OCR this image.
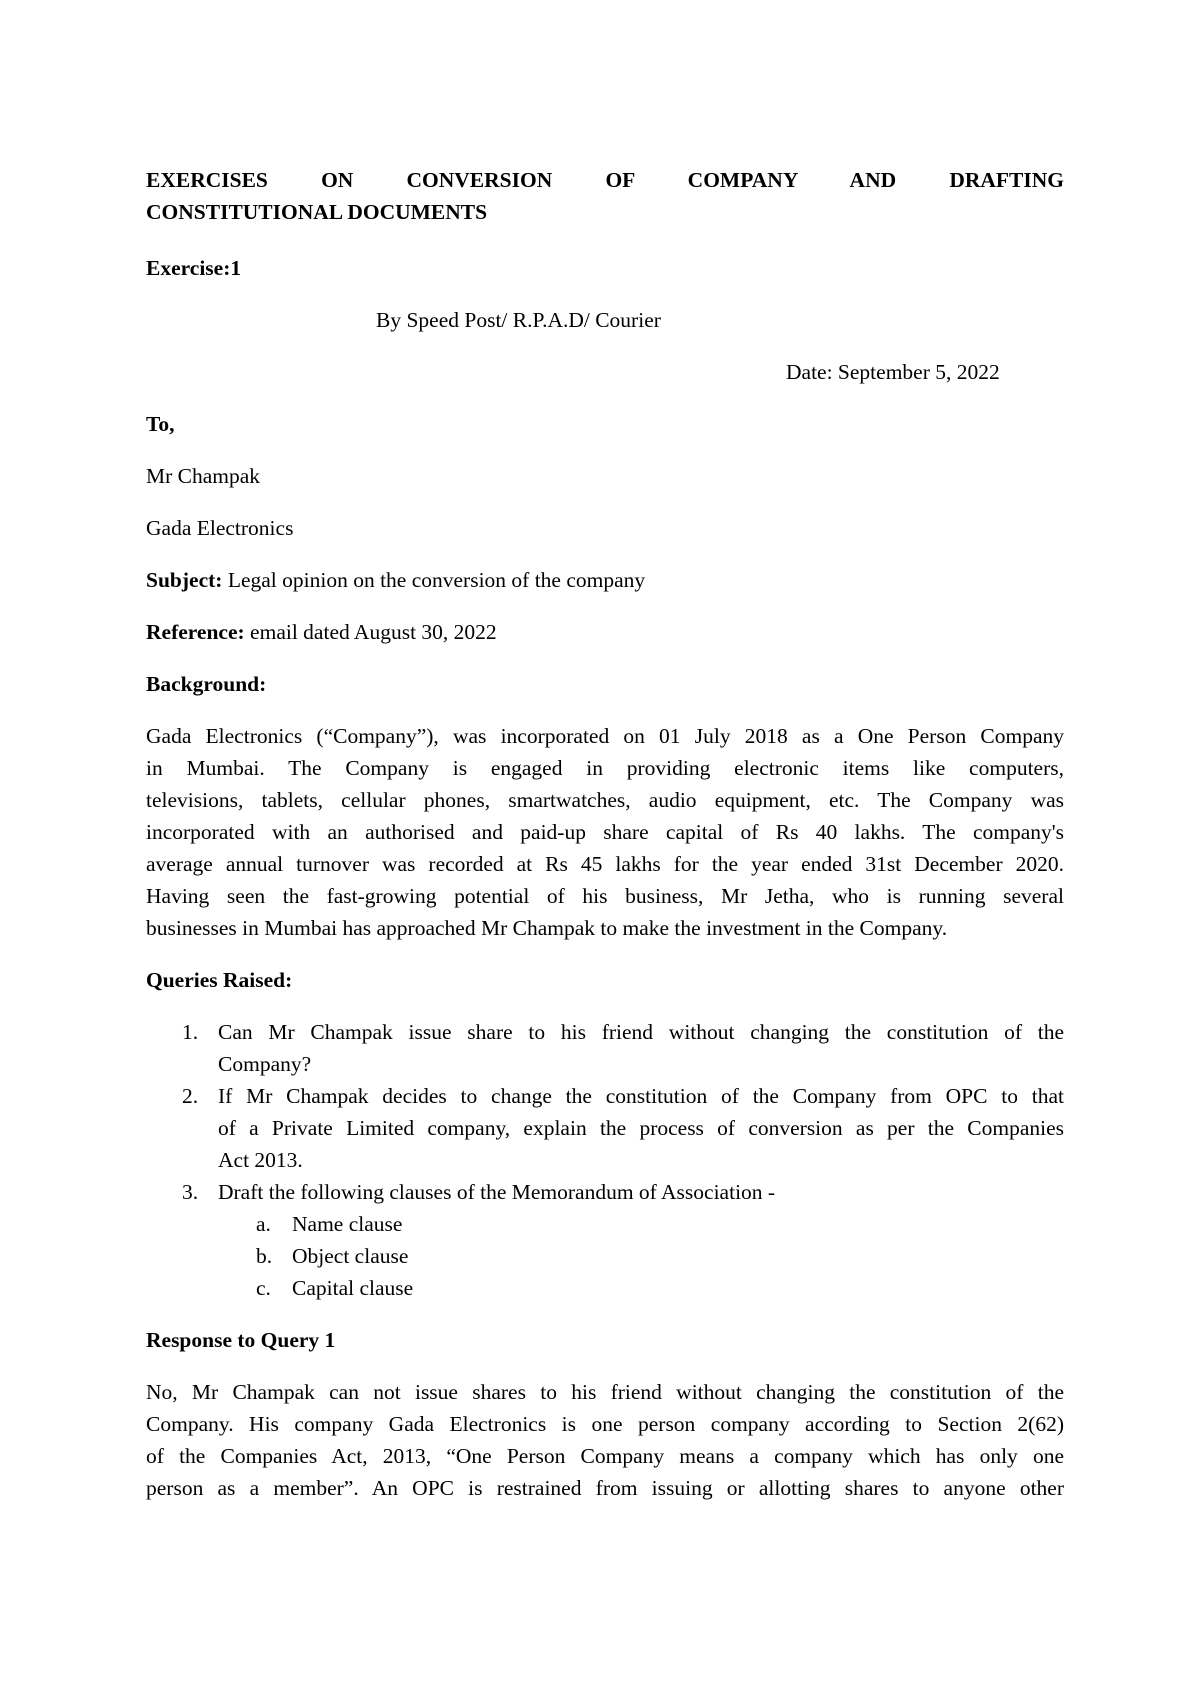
EXERCISES ON CONVERSION OF COMPANY AND DRAFTING
CONSTITUTIONAL DOCUMENTS

Exercise:1

By Speed Post/ R.P.A.D/ Courier

Date: September 5, 2022

To,

Mr Champak

Gada Electronics

Subject: Legal opinion on the conversion of the company

Reference: email dated August 30, 2022

Background:

Gada Electronics (“Company”), was incorporated on 01 July 2018 as a One Person Company
in Mumbai. The Company is engaged in providing electronic items like computers,
televisions, tablets, cellular phones, smartwatches, audio equipment, etc. The Company was
incorporated with an authorised and paid-up share capital of Rs 40 lakhs. The company's
average annual turnover was recorded at Rs 45 lakhs for the year ended 31st December 2020.
Having seen the fast-growing potential of his business, Mr Jetha, who is running several
businesses in Mumbai has approached Mr Champak to make the investment in the Company.

Queries Raised:

1. Can Mr Champak issue share to his friend without changing the constitution of the
Company?
2. If Mr Champak decides to change the constitution of the Company from OPC to that
of a Private Limited company, explain the process of conversion as per the Companies
Act 2013.
3. Draft the following clauses of the Memorandum of Association -
a. Name clause
b. Object clause
c. Capital clause

Response to Query 1

No, Mr Champak can not issue shares to his friend without changing the constitution of the
Company. His company Gada Electronics is one person company according to Section 2(62)
of the Companies Act, 2013, “One Person Company means a company which has only one
person as a member”. An OPC is restrained from issuing or allotting shares to anyone other
